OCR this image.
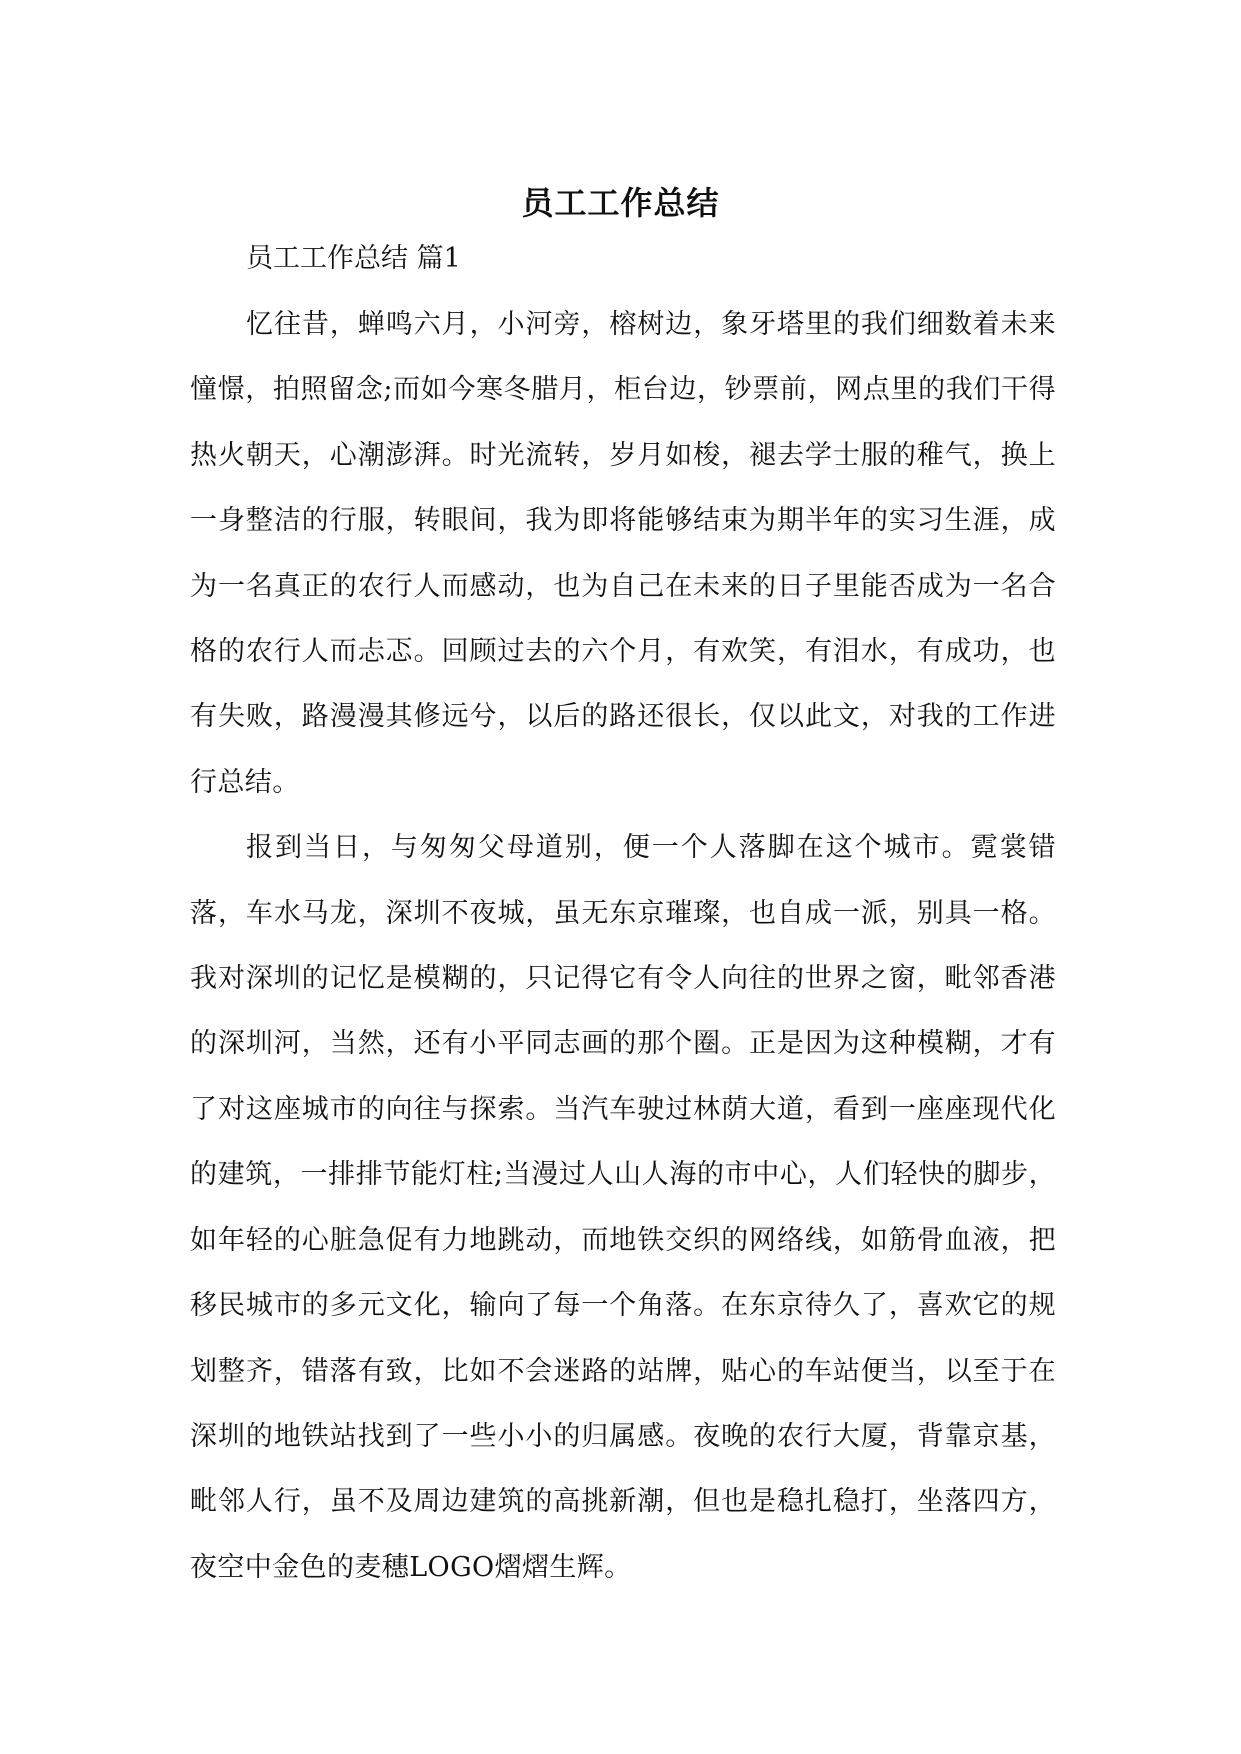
员工工作总结

员工工作总结 篇1

忆往昔，蝉鸣六月，小河旁，榕树边，象牙塔里的我们细数着未来憧憬，拍照留念;而如今寒冬腊月，柜台边，钞票前，网点里的我们干得热火朝天，心潮澎湃。时光流转，岁月如梭，褪去学士服的稚气，换上一身整洁的行服，转眼间，我为即将能够结束为期半年的实习生涯，成为一名真正的农行人而感动，也为自己在未来的日子里能否成为一名合格的农行人而忐忑。回顾过去的六个月，有欢笑，有泪水，有成功，也有失败，路漫漫其修远兮，以后的路还很长，仅以此文，对我的工作进行总结。

报到当日，与匆匆父母道别，便一个人落脚在这个城市。霓裳错落，车水马龙，深圳不夜城，虽无东京璀璨，也自成一派，别具一格。我对深圳的记忆是模糊的，只记得它有令人向往的世界之窗，毗邻香港的深圳河，当然，还有小平同志画的那个圈。正是因为这种模糊，才有了对这座城市的向往与探索。当汽车驶过林荫大道，看到一座座现代化的建筑，一排排节能灯柱;当漫过人山人海的市中心，人们轻快的脚步，如年轻的心脏急促有力地跳动，而地铁交织的网络线，如筋骨血液，把移民城市的多元文化，输向了每一个角落。在东京待久了，喜欢它的规划整齐，错落有致，比如不会迷路的站牌，贴心的车站便当，以至于在深圳的地铁站找到了一些小小的归属感。夜晚的农行大厦，背靠京基，毗邻人行，虽不及周边建筑的高挑新潮，但也是稳扎稳打，坐落四方，夜空中金色的麦穗LOGO熠熠生辉。
